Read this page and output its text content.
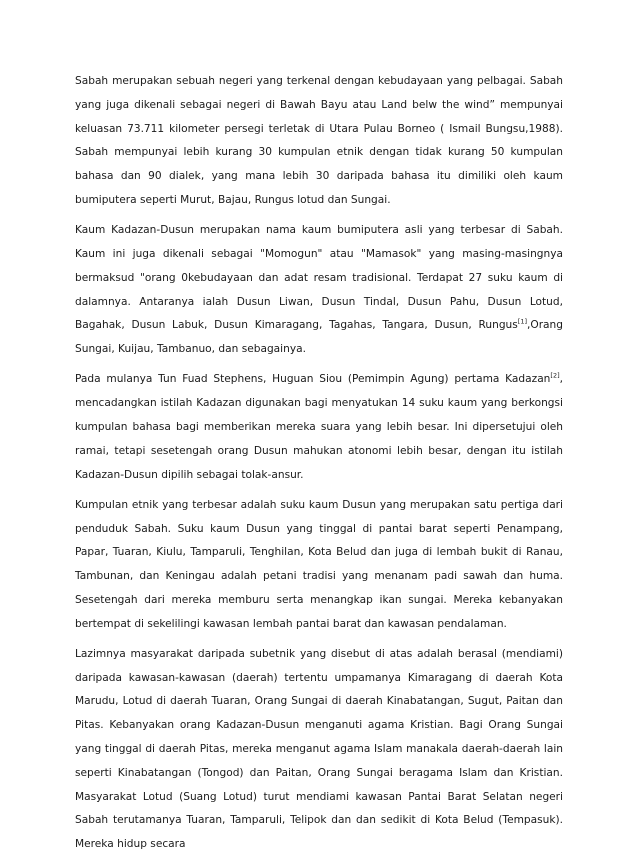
Sabah merupakan sebuah negeri yang terkenal dengan kebudayaan yang pelbagai. Sabah yang juga dikenali sebagai negeri di Bawah Bayu atau Land belw the wind” mempunyai keluasan 73.711 kilometer persegi terletak di Utara Pulau Borneo ( Ismail Bungsu,1988). Sabah mempunyai lebih kurang 30 kumpulan etnik dengan tidak kurang 50 kumpulan bahasa dan 90 dialek, yang mana lebih 30 daripada bahasa itu dimiliki oleh kaum bumiputera seperti Murut, Bajau, Rungus lotud dan Sungai.

Kaum Kadazan-Dusun merupakan nama kaum bumiputera asli yang terbesar di Sabah. Kaum ini juga dikenali sebagai "Momogun" atau "Mamasok" yang masing-masingnya bermaksud "orang 0kebudayaan dan adat resam tradisional. Terdapat 27 suku kaum di dalamnya. Antaranya ialah Dusun Liwan, Dusun Tindal, Dusun Pahu, Dusun Lotud, Bagahak, Dusun Labuk, Dusun Kimaragang, Tagahas, Tangara, Dusun, Rungus[1],Orang Sungai, Kuijau, Tambanuo, dan sebagainya.

Pada mulanya Tun Fuad Stephens, Huguan Siou (Pemimpin Agung) pertama Kadazan[2], mencadangkan istilah Kadazan digunakan bagi menyatukan 14 suku kaum yang berkongsi kumpulan bahasa bagi memberikan mereka suara yang lebih besar. Ini dipersetujui oleh ramai, tetapi sesetengah orang Dusun mahukan atonomi lebih besar, dengan itu istilah Kadazan-Dusun dipilih sebagai tolak-ansur.

Kumpulan etnik yang terbesar adalah suku kaum Dusun yang merupakan satu pertiga dari penduduk Sabah. Suku kaum Dusun yang tinggal di pantai barat seperti Penampang, Papar, Tuaran, Kiulu, Tamparuli, Tenghilan, Kota Belud dan juga di lembah bukit di Ranau, Tambunan, dan Keningau adalah petani tradisi yang menanam padi sawah dan huma. Sesetengah dari mereka memburu serta menangkap ikan sungai. Mereka kebanyakan bertempat di sekelilingi kawasan lembah pantai barat dan kawasan pendalaman.

Lazimnya masyarakat daripada subetnik yang disebut di atas adalah berasal (mendiami) daripada kawasan-kawasan (daerah) tertentu umpamanya Kimaragang di daerah Kota Marudu, Lotud di daerah Tuaran, Orang Sungai di daerah Kinabatangan, Sugut, Paitan dan Pitas. Kebanyakan orang Kadazan-Dusun menganuti agama Kristian. Bagi Orang Sungai yang tinggal di daerah Pitas, mereka menganut agama Islam manakala daerah-daerah lain seperti Kinabatangan (Tongod) dan Paitan, Orang Sungai beragama Islam dan Kristian. Masyarakat Lotud (Suang Lotud) turut mendiami kawasan Pantai Barat Selatan negeri Sabah terutamanya Tuaran, Tamparuli, Telipok dan dan sedikit di Kota Belud (Tempasuk). Mereka hidup secara
